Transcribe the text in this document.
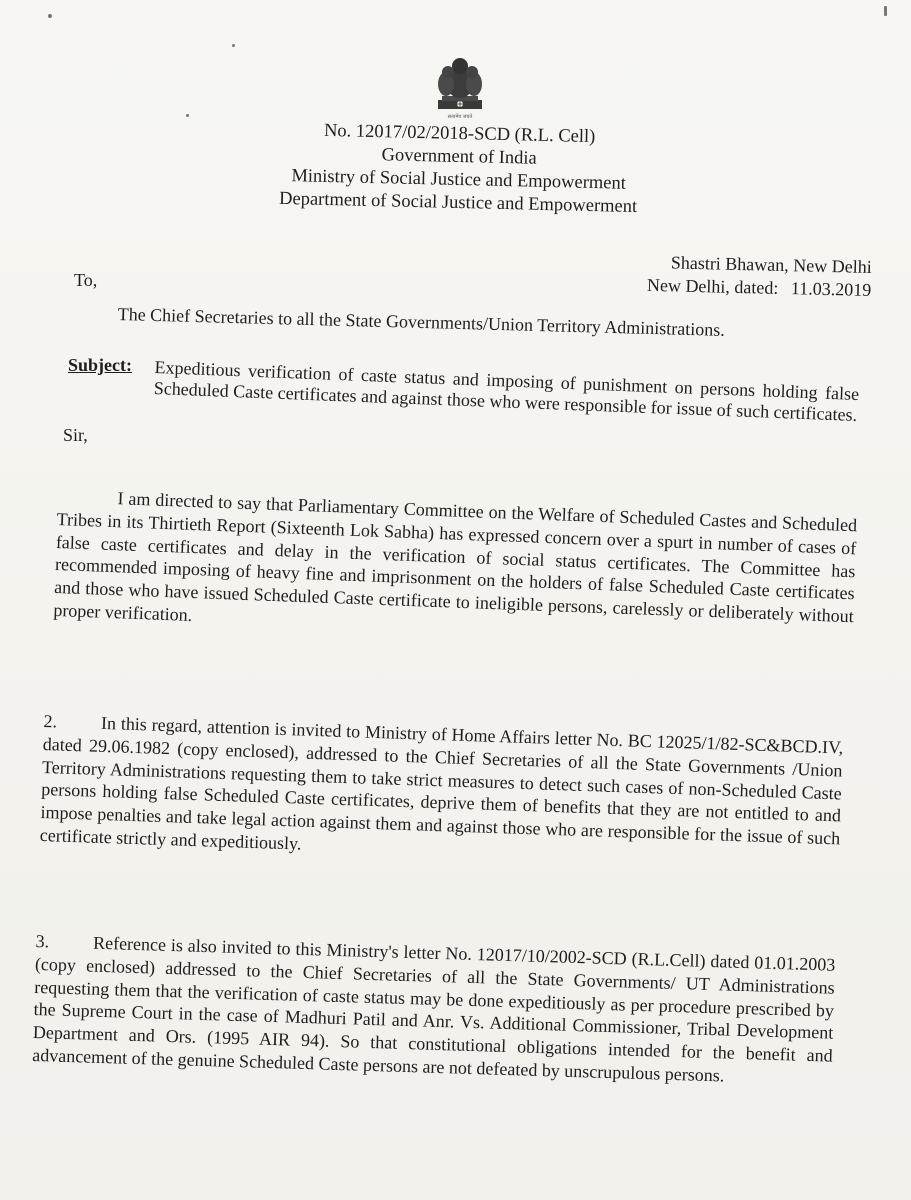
सत्यमेव जयते
No. 12017/02/2018-SCD (R.L. Cell)
Government of India
Ministry of Social Justice and Empowerment
Department of Social Justice and Empowerment
To,
Shastri Bhawan, New Delhi
New Delhi, dated: 11.03.2019
The Chief Secretaries to all the State Governments/Union Territory Administrations.
Subject: Expeditious verification of caste status and imposing of punishment on persons holding false Scheduled Caste certificates and against those who were responsible for issue of such certificates.
Sir,
I am directed to say that Parliamentary Committee on the Welfare of Scheduled Castes and Scheduled Tribes in its Thirtieth Report (Sixteenth Lok Sabha) has expressed concern over a spurt in number of cases of false caste certificates and delay in the verification of social status certificates. The Committee has recommended imposing of heavy fine and imprisonment on the holders of false Scheduled Caste certificates and those who have issued Scheduled Caste certificate to ineligible persons, carelessly or deliberately without proper verification.
2. In this regard, attention is invited to Ministry of Home Affairs letter No. BC 12025/1/82-SC&BCD.IV, dated 29.06.1982 (copy enclosed), addressed to the Chief Secretaries of all the State Governments /Union Territory Administrations requesting them to take strict measures to detect such cases of non-Scheduled Caste persons holding false Scheduled Caste certificates, deprive them of benefits that they are not entitled to and impose penalties and take legal action against them and against those who are responsible for the issue of such certificate strictly and expeditiously.
3. Reference is also invited to this Ministry's letter No. 12017/10/2002-SCD (R.L.Cell) dated 01.01.2003 (copy enclosed) addressed to the Chief Secretaries of all the State Governments/ UT Administrations requesting them that the verification of caste status may be done expeditiously as per procedure prescribed by the Supreme Court in the case of Madhuri Patil and Anr. Vs. Additional Commissioner, Tribal Development Department and Ors. (1995 AIR 94). So that constitutional obligations intended for the benefit and advancement of the genuine Scheduled Caste persons are not defeated by unscrupulous persons.
